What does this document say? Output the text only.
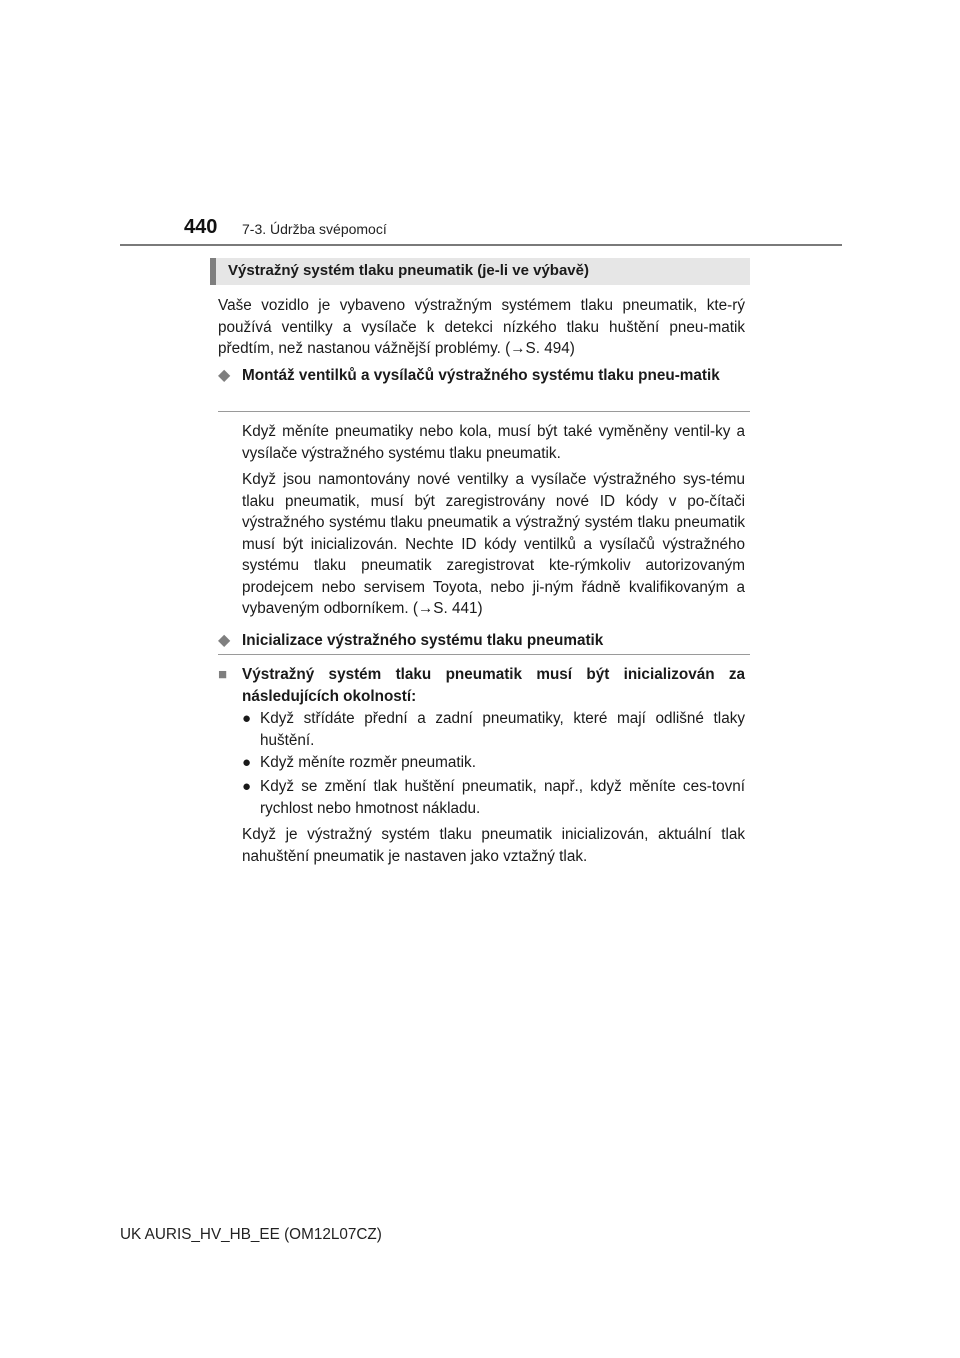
440 7-3. Údržba svépomocí
Výstražný systém tlaku pneumatik (je-li ve výbavě)

Vaše vozidlo je vybaveno výstražným systémem tlaku pneumatik, kte-rý používá ventilky a vysílače k detekci nízkého tlaku huštění pneu-matik předtím, než nastanou vážnější problémy. (→S. 494)

◆ Montáž ventilků a vysílačů výstražného systému tlaku pneu-matik

Když měníte pneumatiky nebo kola, musí být také vyměněny ventil-ky a vysílače výstražného systému tlaku pneumatik.

Když jsou namontovány nové ventilky a vysílače výstražného sys-tému tlaku pneumatik, musí být zaregistrovány nové ID kódy v po-čítači výstražného systému tlaku pneumatik a výstražný systém tlaku pneumatik musí být inicializován. Nechte ID kódy ventilků a vysílačů výstražného systému tlaku pneumatik zaregistrovat kte-rýmkoliv autorizovaným prodejcem nebo servisem Toyota, nebo ji-ným řádně kvalifikovaným a vybaveným odborníkem. (→S. 441)

◆ Inicializace výstražného systému tlaku pneumatik
■ Výstražný systém tlaku pneumatik musí být inicializován za následujících okolností:
● Když střídáte přední a zadní pneumatiky, které mají odlišné tlaky huštění.
● Když měníte rozměr pneumatik.
● Když se změní tlak huštění pneumatik, např., když měníte ces-tovní rychlost nebo hmotnost nákladu.

Když je výstražný systém tlaku pneumatik inicializován, aktuální tlak nahuštění pneumatik je nastaven jako vztažný tlak.

UK AURIS_HV_HB_EE (OM12L07CZ)
